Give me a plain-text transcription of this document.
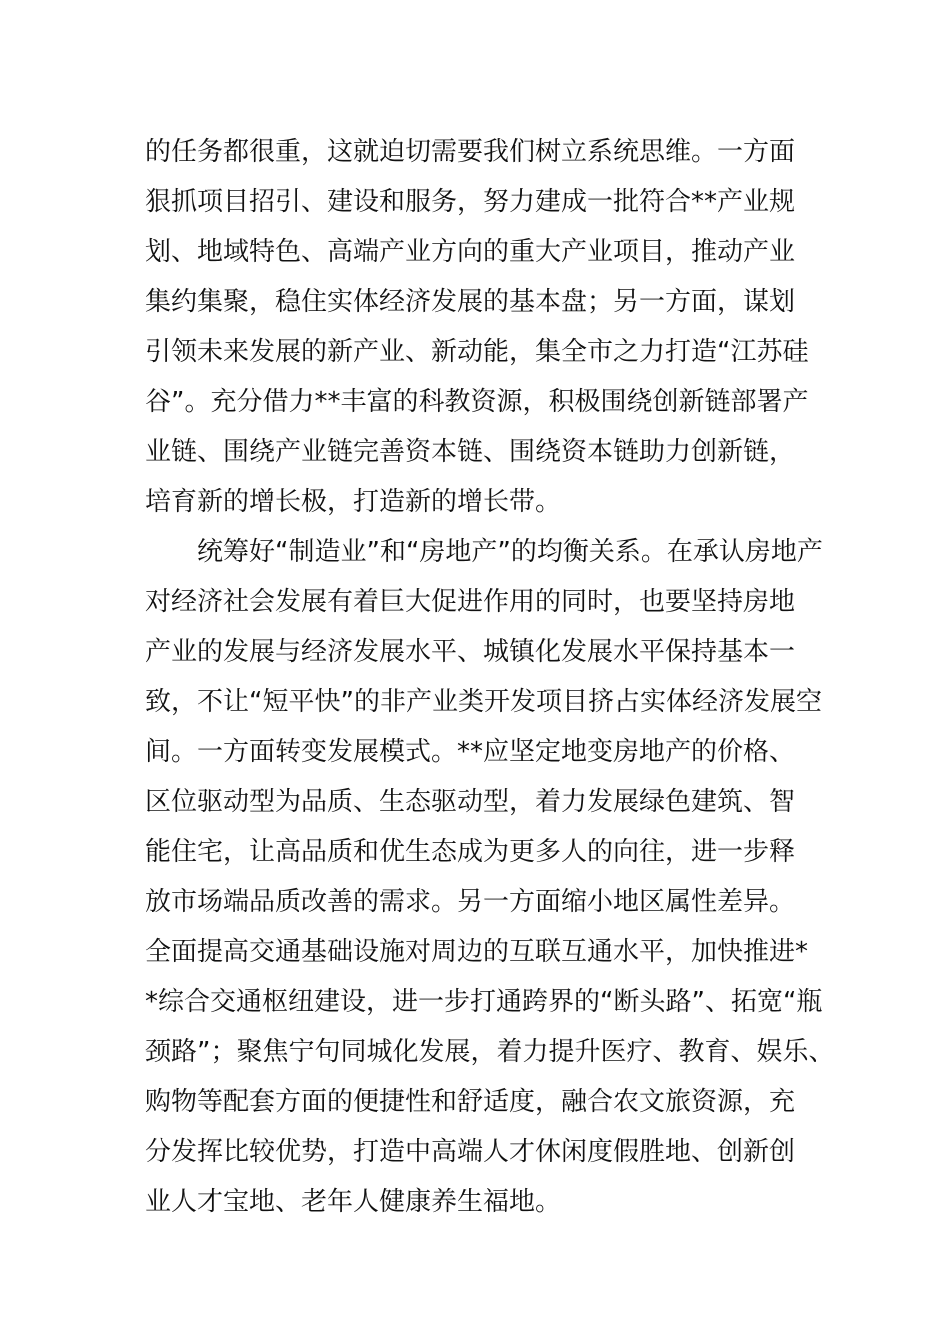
的任务都很重，这就迫切需要我们树立系统思维。一方面
狠抓项目招引、建设和服务，努力建成一批符合**产业规
划、地域特色、高端产业方向的重大产业项目，推动产业
集约集聚，稳住实体经济发展的基本盘；另一方面，谋划
引领未来发展的新产业、新动能，集全市之力打造“江苏硅
谷”。充分借力**丰富的科教资源，积极围绕创新链部署产
业链、围绕产业链完善资本链、围绕资本链助力创新链，
培育新的增长极，打造新的增长带。
　　统筹好“制造业”和“房地产”的均衡关系。在承认房地产
对经济社会发展有着巨大促进作用的同时，也要坚持房地
产业的发展与经济发展水平、城镇化发展水平保持基本一
致，不让“短平快”的非产业类开发项目挤占实体经济发展空
间。一方面转变发展模式。**应坚定地变房地产的价格、
区位驱动型为品质、生态驱动型，着力发展绿色建筑、智
能住宅，让高品质和优生态成为更多人的向往，进一步释
放市场端品质改善的需求。另一方面缩小地区属性差异。
全面提高交通基础设施对周边的互联互通水平，加快推进*
*综合交通枢纽建设，进一步打通跨界的“断头路”、拓宽“瓶
颈路”；聚焦宁句同城化发展，着力提升医疗、教育、娱乐、
购物等配套方面的便捷性和舒适度，融合农文旅资源，充
分发挥比较优势，打造中高端人才休闲度假胜地、创新创
业人才宝地、老年人健康养生福地。
